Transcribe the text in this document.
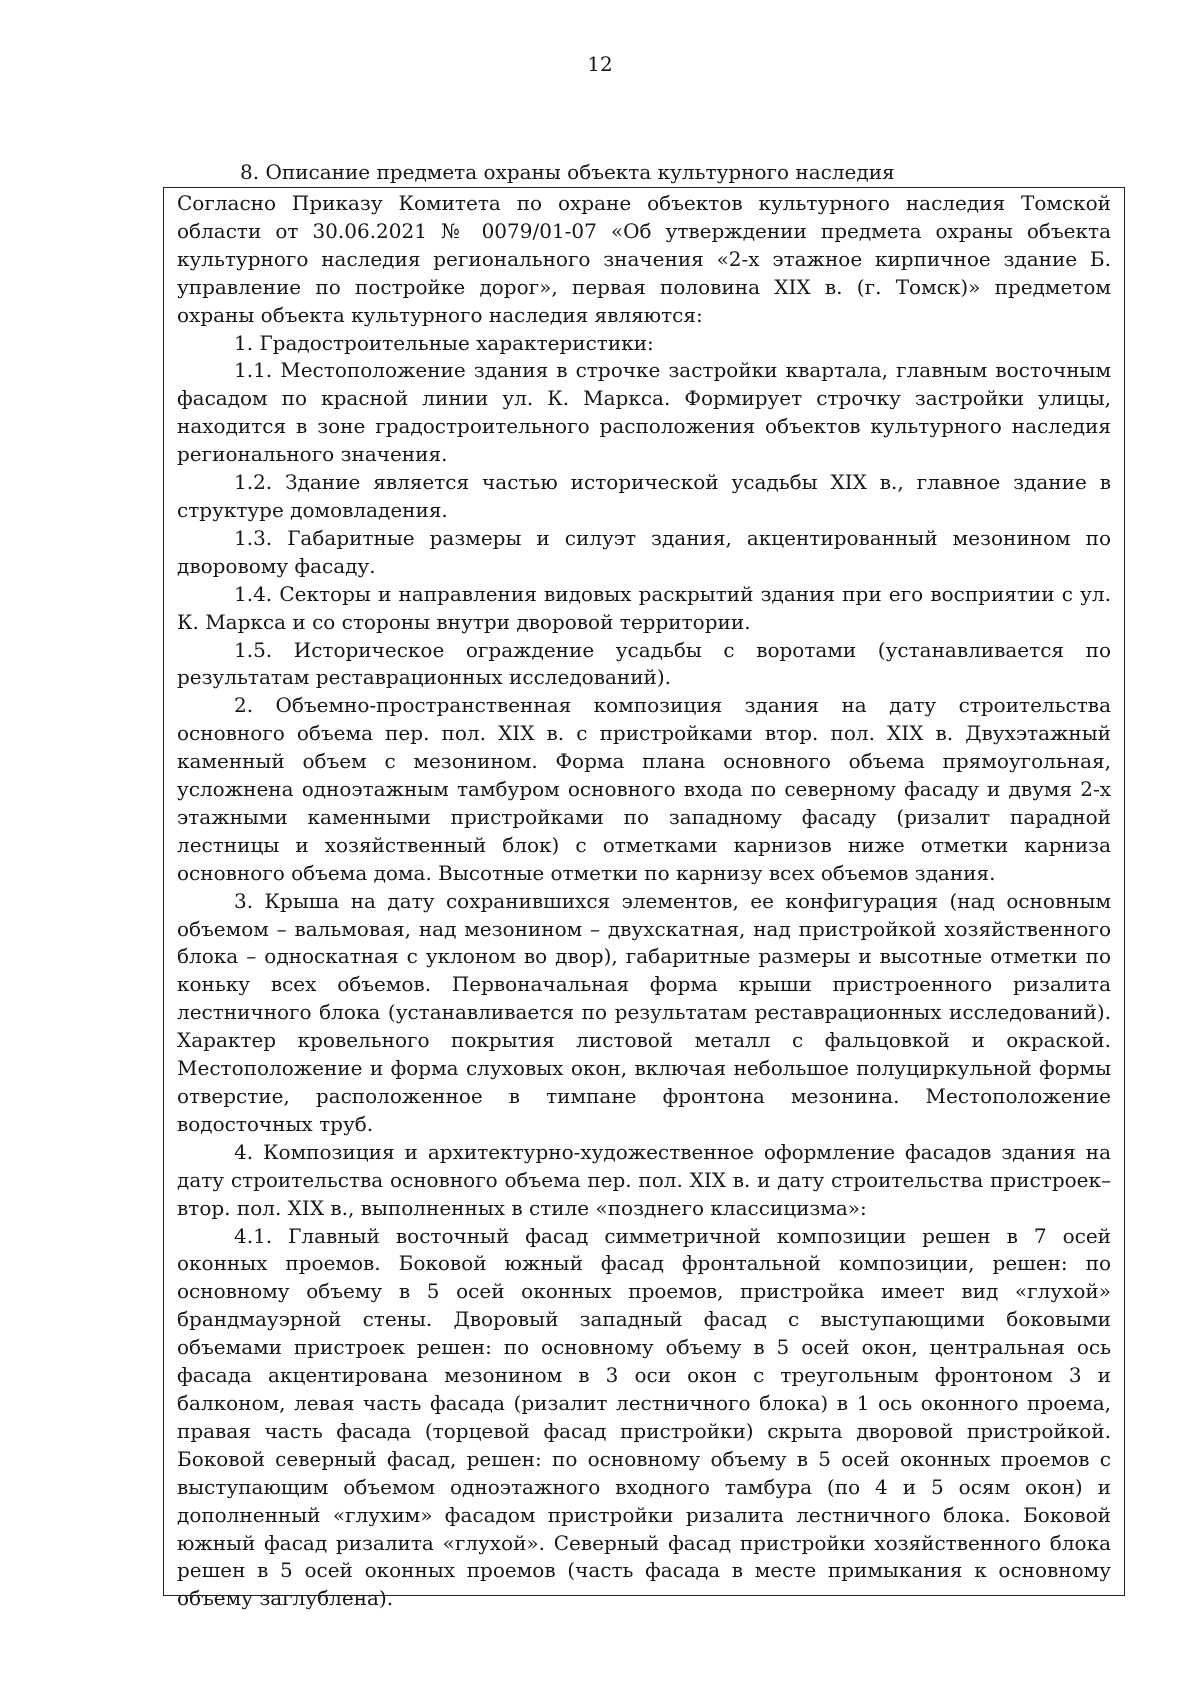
12
8. Описание предмета охраны объекта культурного наследия

Согласно Приказу Комитета по охране объектов культурного наследия Томской области от 30.06.2021 № 0079/01-07 «Об утверждении предмета охраны объекта культурного наследия регионального значения «2-х этажное кирпичное здание Б. управление по постройке дорог», первая половина XIX в. (г. Томск)» предметом охраны объекта культурного наследия являются:

1. Градостроительные характеристики:

1.1. Местоположение здания в строчке застройки квартала, главным восточным фасадом по красной линии ул. К. Маркса. Формирует строчку застройки улицы, находится в зоне градостроительного расположения объектов культурного наследия регионального значения.

1.2. Здание является частью исторической усадьбы XIX в., главное здание в структуре домовладения.

1.3. Габаритные размеры и силуэт здания, акцентированный мезонином по дворовому фасаду.

1.4. Секторы и направления видовых раскрытий здания при его восприятии с ул. К. Маркса и со стороны внутри дворовой территории.

1.5. Историческое ограждение усадьбы с воротами (устанавливается по результатам реставрационных исследований).

2. Объемно-пространственная композиция здания на дату строительства основного объема пер. пол. XIX в. с пристройками втор. пол. XIX в. Двухэтажный каменный объем с мезонином. Форма плана основного объема прямоугольная, усложнена одноэтажным тамбуром основного входа по северному фасаду и двумя 2-х этажными каменными пристройками по западному фасаду (ризалит парадной лестницы и хозяйственный блок) с отметками карнизов ниже отметки карниза основного объема дома. Высотные отметки по карнизу всех объемов здания.

3. Крыша на дату сохранившихся элементов, ее конфигурация (над основным объемом – вальмовая, над мезонином – двухскатная, над пристройкой хозяйственного блока – односкатная с уклоном во двор), габаритные размеры и высотные отметки по коньку всех объемов. Первоначальная форма крыши пристроенного ризалита лестничного блока (устанавливается по результатам реставрационных исследований). Характер кровельного покрытия листовой металл с фальцовкой и окраской. Местоположение и форма слуховых окон, включая небольшое полуциркульной формы отверстие, расположенное в тимпане фронтона мезонина. Местоположение водосточных труб.

4. Композиция и архитектурно-художественное оформление фасадов здания на дату строительства основного объема пер. пол. XIX в. и дату строительства пристроек– втор. пол. XIX в., выполненных в стиле «позднего классицизма»:

4.1. Главный восточный фасад симметричной композиции решен в 7 осей оконных проемов. Боковой южный фасад фронтальной композиции, решен: по основному объему в 5 осей оконных проемов, пристройка имеет вид «глухой» брандмауэрной стены. Дворовый западный фасад с выступающими боковыми объемами пристроек решен: по основному объему в 5 осей окон, центральная ось фасада акцентирована мезонином в 3 оси окон с треугольным фронтоном 3 и балконом, левая часть фасада (ризалит лестничного блока) в 1 ось оконного проема, правая часть фасада (торцевой фасад пристройки) скрыта дворовой пристройкой. Боковой северный фасад, решен: по основному объему в 5 осей оконных проемов с выступающим объемом одноэтажного входного тамбура (по 4 и 5 осям окон) и дополненный «глухим» фасадом пристройки ризалита лестничного блока. Боковой южный фасад ризалита «глухой». Северный фасад пристройки хозяйственного блока решен в 5 осей оконных проемов (часть фасада в месте примыкания к основному объему заглублена).
